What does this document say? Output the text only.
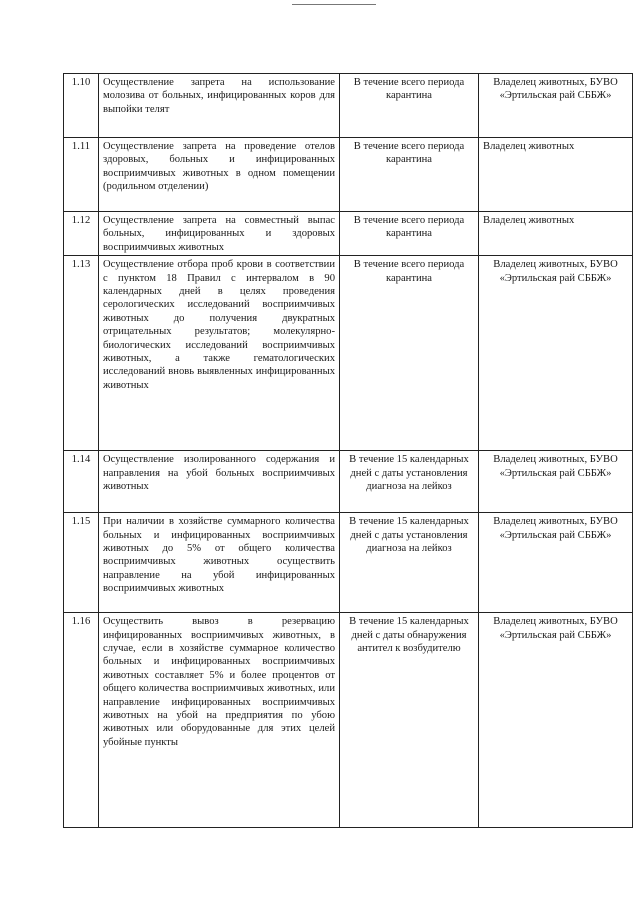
1.10	Осуществление запрета на использование молозива от больных, инфицированных коров для выпойки телят	В течение всего периода карантина	Владелец животных, БУВО «Эртильская рай СББЖ»
1.11	Осуществление запрета на проведение отелов здоровых, больных и инфицированных восприимчивых животных в одном помещении (родильном отделении)	В течение всего периода карантина	Владелец животных
1.12	Осуществление запрета на совместный выпас больных, инфицированных и здоровых восприимчивых животных	В течение всего периода карантина	Владелец животных
1.13	Осуществление отбора проб крови в соответствии с пунктом 18 Правил с интервалом в 90 календарных дней в целях проведения серологических исследований восприимчивых животных до получения двукратных отрицательных результатов; молекулярно-биологических исследований восприимчивых животных, а также гематологических исследований вновь выявленных инфицированных животных	В течение всего периода карантина	Владелец животных, БУВО «Эртильская рай СББЖ»
1.14	Осуществление изолированного содержания и направления на убой больных восприимчивых животных	В течение 15 календарных дней с даты установления диагноза на лейкоз	Владелец животных, БУВО «Эртильская рай СББЖ»
1.15	При наличии в хозяйстве суммарного количества больных и инфицированных восприимчивых животных до 5% от общего количества восприимчивых животных осуществить направление на убой инфицированных восприимчивых животных	В течение 15 календарных дней с даты установления диагноза на лейкоз	Владелец животных, БУВО «Эртильская рай СББЖ»
1.16	Осуществить вывоз в резервацию инфицированных восприимчивых животных, в случае, если в хозяйстве суммарное количество больных и инфицированных восприимчивых животных составляет 5% и более процентов от общего количества восприимчивых животных, или направление инфицированных восприимчивых животных на убой на предприятия по убою животных или оборудованные для этих целей убойные пункты	В течение 15 календарных дней с даты обнаружения антител к возбудителю	Владелец животных, БУВО «Эртильская рай СББЖ»
